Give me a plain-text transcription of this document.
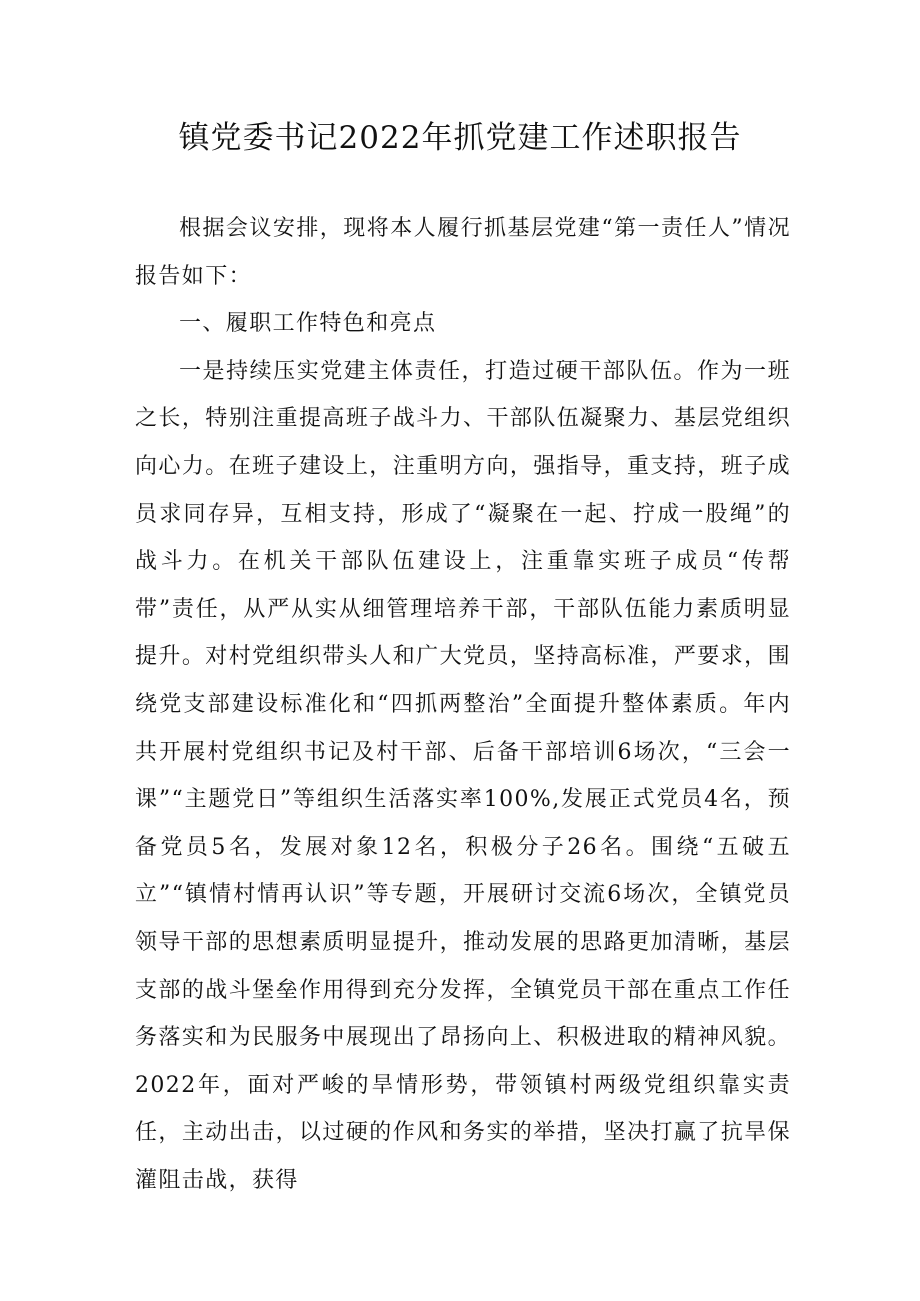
镇党委书记2022年抓党建工作述职报告

根据会议安排，现将本人履行抓基层党建“第一责任人”情况报告如下：

一、履职工作特色和亮点

一是持续压实党建主体责任，打造过硬干部队伍。作为一班之长，特别注重提高班子战斗力、干部队伍凝聚力、基层党组织向心力。在班子建设上，注重明方向，强指导，重支持，班子成员求同存异，互相支持，形成了“凝聚在一起、拧成一股绳”的战斗力。在机关干部队伍建设上，注重靠实班子成员“传帮带”责任，从严从实从细管理培养干部，干部队伍能力素质明显提升。对村党组织带头人和广大党员，坚持高标准，严要求，围绕党支部建设标准化和“四抓两整治”全面提升整体素质。年内共开展村党组织书记及村干部、后备干部培训6场次，“三会一课”“主题党日”等组织生活落实率100%,发展正式党员4名，预备党员5名，发展对象12名，积极分子26名。围绕“五破五立”“镇情村情再认识”等专题，开展研讨交流6场次，全镇党员领导干部的思想素质明显提升，推动发展的思路更加清晰，基层支部的战斗堡垒作用得到充分发挥，全镇党员干部在重点工作任务落实和为民服务中展现出了昂扬向上、积极进取的精神风貌。2022年，面对严峻的旱情形势，带领镇村两级党组织靠实责任，主动出击，以过硬的作风和务实的举措，坚决打赢了抗旱保灌阻击战，获得
